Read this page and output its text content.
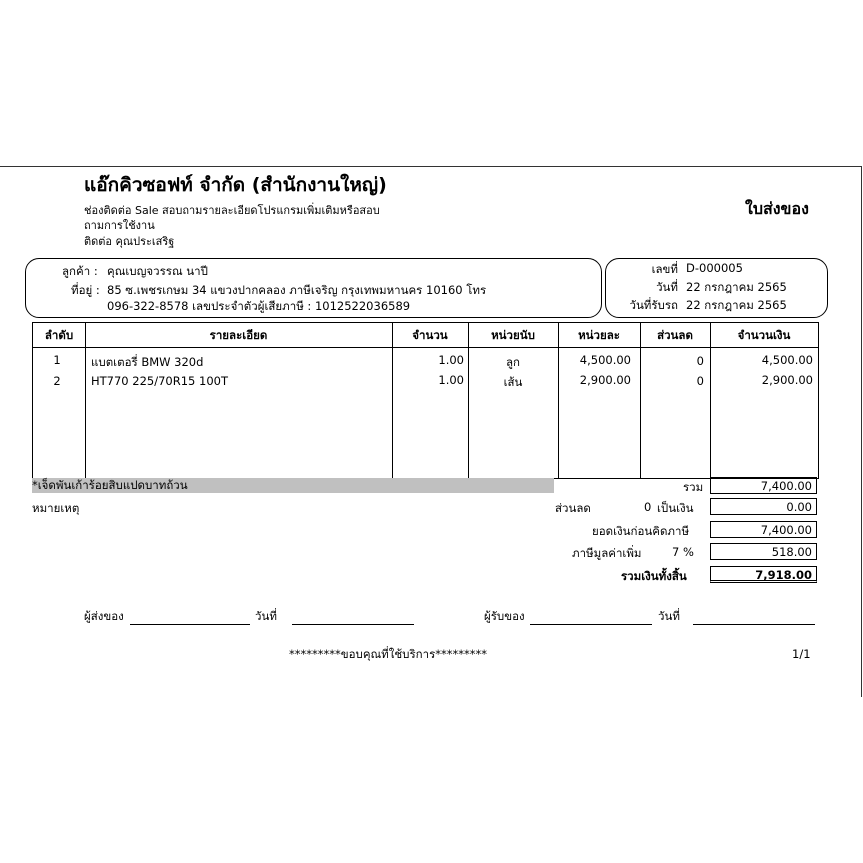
แอ๊กคิวซอฟท์ จำกัด (สำนักงานใหญ่)
ช่องติดต่อ Sale สอบถามรายละเอียดโปรแกรมเพิ่มเติมหรือสอบ
ถามการใช้งาน
ติดต่อ คุณประเสริฐ
ใบส่งของ
ลูกค้า : คุณเบญจวรรณ นาปี
ที่อยู่ : 85 ซ.เพชรเกษม 34 แขวงปากคลอง ภาษีเจริญ กรุงเทพมหานคร 10160 โทร
096-322-8578 เลขประจำตัวผู้เสียภาษี : 1012522036589
เลขที่ D-000005
วันที่ 22 กรกฎาคม 2565
วันที่รับรถ 22 กรกฎาคม 2565
ลำดับ	รายละเอียด	จำนวน	หน่วยนับ	หน่วยละ	ส่วนลด	จำนวนเงิน
1	แบตเตอรี่ BMW 320d	1.00	ลูก	4,500.00	0	4,500.00
2	HT770 225/70R15 100T	1.00	เส้น	2,900.00	0	2,900.00
*เจ็ดพันเก้าร้อยสิบแปดบาทถ้วน	รวม	7,400.00
หมายเหตุ	ส่วนลด	0 เป็นเงิน	0.00
ยอดเงินก่อนคิดภาษี	7,400.00
ภาษีมูลค่าเพิ่ม	7 %	518.00
รวมเงินทั้งสิ้น	7,918.00
ผู้ส่งของ	วันที่	ผู้รับของ	วันที่
*********ขอบคุณที่ใช้บริการ*********	1/1
